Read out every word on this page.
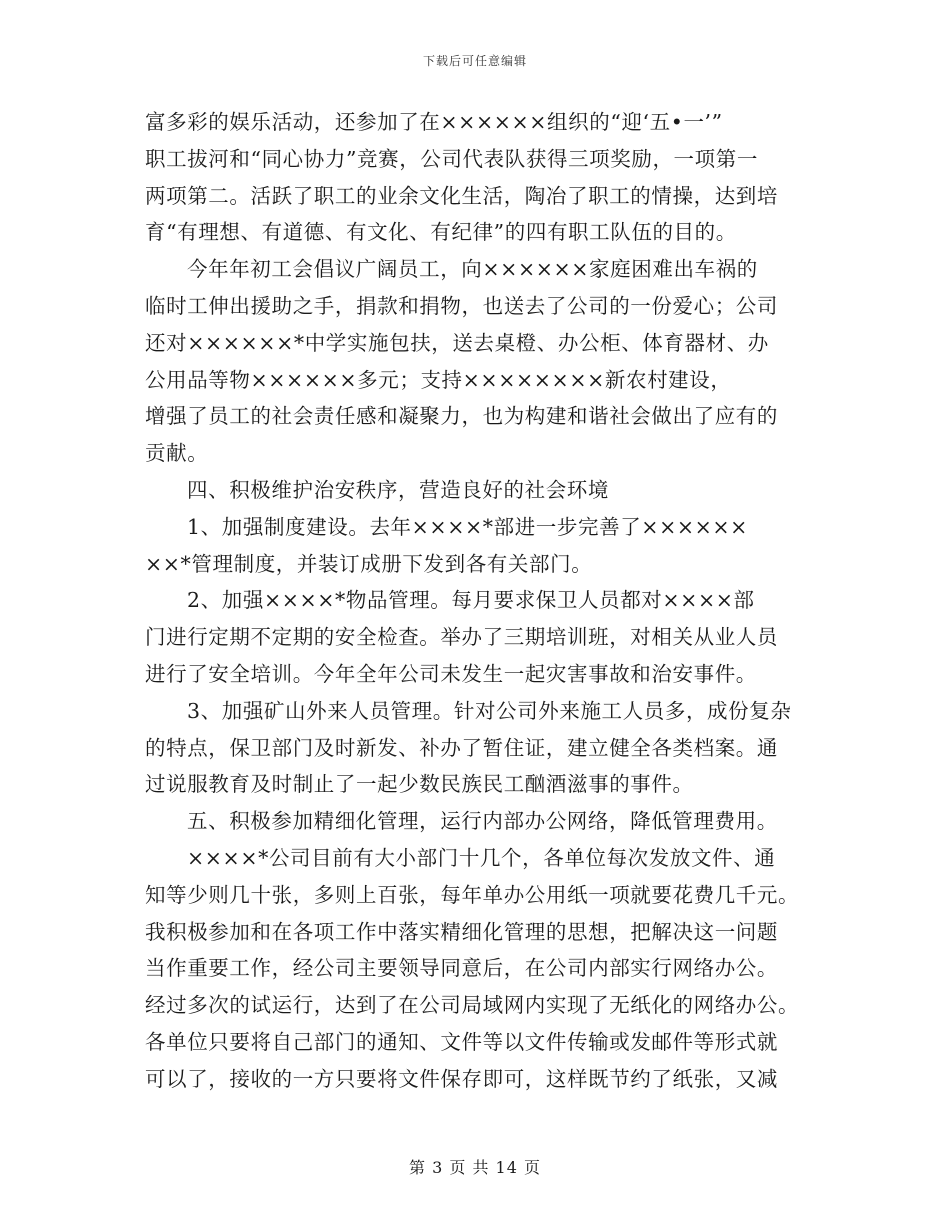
下载后可任意编辑
富多彩的娱乐活动，还参加了在××××××组织的“迎‘五•一’”
职工拔河和“同心协力”竞赛，公司代表队获得三项奖励，一项第一
两项第二。活跃了职工的业余文化生活，陶冶了职工的情操，达到培
育“有理想、有道德、有文化、有纪律”的四有职工队伍的目的。
今年年初工会倡议广阔员工，向××××××家庭困难出车祸的
临时工伸出援助之手，捐款和捐物，也送去了公司的一份爱心；公司
还对××××××*中学实施包扶，送去桌橙、办公柜、体育器材、办
公用品等物××××××多元；支持××××××××新农村建设，
增强了员工的社会责任感和凝聚力，也为构建和谐社会做出了应有的
贡献。
四、积极维护治安秩序，营造良好的社会环境
1、加强制度建设。去年××××*部进一步完善了××××××
××*管理制度，并装订成册下发到各有关部门。
2、加强××××*物品管理。每月要求保卫人员都对××××部
门进行定期不定期的安全检查。举办了三期培训班，对相关从业人员
进行了安全培训。今年全年公司未发生一起灾害事故和治安事件。
3、加强矿山外来人员管理。针对公司外来施工人员多，成份复杂
的特点，保卫部门及时新发、补办了暂住证，建立健全各类档案。通
过说服教育及时制止了一起少数民族民工酗酒滋事的事件。
五、积极参加精细化管理，运行内部办公网络，降低管理费用。
××××*公司目前有大小部门十几个，各单位每次发放文件、通
知等少则几十张，多则上百张，每年单办公用纸一项就要花费几千元。
我积极参加和在各项工作中落实精细化管理的思想，把解决这一问题
当作重要工作，经公司主要领导同意后，在公司内部实行网络办公。
经过多次的试运行，达到了在公司局域网内实现了无纸化的网络办公。
各单位只要将自己部门的通知、文件等以文件传输或发邮件等形式就
可以了，接收的一方只要将文件保存即可，这样既节约了纸张，又减
第 3 页 共 14 页
